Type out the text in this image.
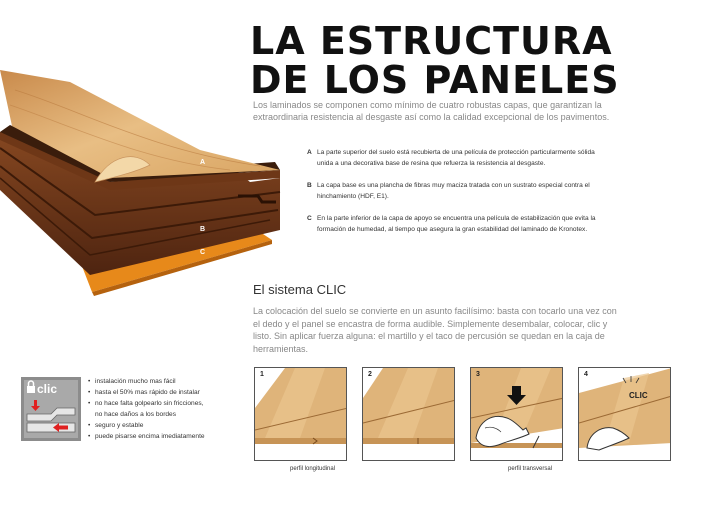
A
B
C
LA ESTRUCTURA
DE LOS PANELES
Los laminados se componen como mínimo de cuatro robustas capas, que garantizan la extraordinaria resistencia al desgaste así como la calidad excepcional de los pavimentos.
A La parte superior del suelo está recubierta de una película de protección particularmente sólida unida a una decorativa base de resina que refuerza la resistencia al desgaste.
B La capa base es una plancha de fibras muy maciza tratada con un sustrato especial contra el hinchamiento (HDF, E1).
C En la parte inferior de la capa de apoyo se encuentra una película de estabilización que evita la formación de humedad, al tiempo que asegura la gran estabilidad del laminado de Kronotex.
El sistema CLIC
La colocación del suelo se convierte en un asunto facilísimo: basta con tocarlo una vez con el dedo y el panel se encastra de forma audible. Simplemente desembalar, colocar, clic y listo. Sin aplicar fuerza alguna: el martillo y el taco de percusión se quedan en la caja de herramientas.
clic
• instalación mucho mas fácil
• hasta el 50% mas rápido de instalar
• no hace falta golpearlo sin fricciones,
no hace daños a los bordes
• seguro y estable
• puede pisarse encima imediatamente
1	2	3
CLIC
4
perfil longitudinal	perfil transversal
